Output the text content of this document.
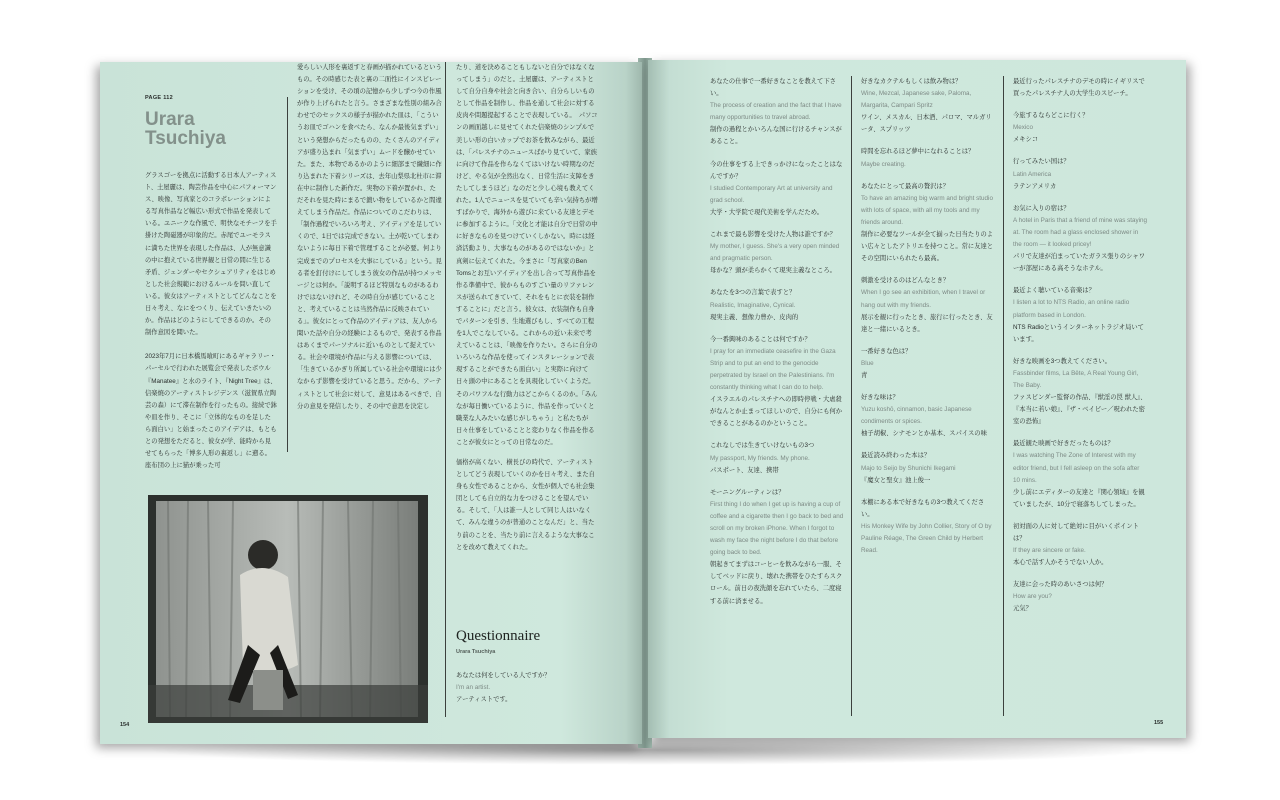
PAGE 112
Urara
Tsuchiya

グラスゴーを拠点に活動する日本人アーティスト、土屋麗は、陶芸作品を中心にパフォーマンス、映像、写真家とのコラボレーションによる写真作品など幅広い形式で作品を発表している。ユニークな作風で、明快なモチーフを手掛けた陶磁器が印象的だ。赤尾でユーモラスに満ちた世界を表現した作品は、人が無意識の中に抱えている世界観と日常の間に生じる矛盾、ジェンダーやセクシュアリティをはじめとした社会規範におけるルールを問い直している。彼女はアーティストとしてどんなことを日々考え、なにをつくり、伝えていきたいのか。作品はどのようにしてできるのか。その制作意図を聞いた。

2023年7月に日本橋馬喰町にあるギャラリー・パーセルで行われた展覧会で発表したボウル『Manatee』と水のライト、『Night Tree』は、信楽焼のアーティストレジデンス（滋賀県立陶芸の森）にて滞在制作を行ったもの。接続で鉢や皿を作り、そこに「立体的なものを足したら面白い」と始まったこのアイデアは、もともとの発想をただると、彼女が学、能時から見せてもらった「博多人形の裏返し」に遡る。座布団の上に猫が乗った可

愛らしい人形を裏返すと春画が描かれているというもの。その時感じた表と裏の二面性にインスピレーションを受け、その頃の記憶から少しずつ今の作風が作り上げられたと言う。さまざまな性別の組み合わせでのセックスの様子が描かれた皿は、「こういうお皿でゴハンを食べたら、なんか最後気まずい」という発想からだったものの、たくさんのアイディアが盛り込まれ「気まずい」ムードを醸かせていた。また、本物であるかのように細部まで繊細に作り込まれた下着シリーズは、去年山梨県北杜市に滞在中に制作した新作だ。実物の下着が置かれ、ただそれを見た時にまるで鍛い物をしているかと間違えてしまう作品だ。作品についてのこだわりは、「制作過程でいろいろ考え、アイディアを足していくので、1日では完成できない。土が乾いてしまわないように毎日下着で管理することが必要。何より完成までのプロセスを大事にしている」という。見る者を釘付けにしてしまう彼女の作品が持つメッセージとは何か。「説明するほど特別なものがあるわけではないけれど、その時自分が感じていることと、考えていることは当然作品に反映されている」。彼女にとって作品のアイディアは、友人から聞いた話や自分の経験によるもので、発表する作品はあくまでパーソナルに近いものとして捉えている。社会や環境が作品に与える影響については、「生きているかぎり所属している社会や環境には少なからず影響を受けていると思う。だから、アーティストとして社会に対して、意見はあるべきで、自分の意見を発信したり、その中で意思を決定し

たり、道を決めることもしないと自分ではなくなってしまう」のだと。土屋麗は、アーティストとして自分自身や社会と向き合い、自分らしいものとして作品を制作し、作品を通して社会に対する皮肉や問題提起することで表現している。　パソコンの画面越しに見せてくれた信楽焼のシンプルで美しい形の白いカップでお茶を飲みながら、最近は、「パレスチナのニュースばかり見ていて、家族に向けて作品を作らなくてはいけない時期なのだけど、やる気が全然出なく、日常生活に支障をきたしてしまうほど」なのだと少し心境も教えてくれた。1人でニュースを見ていても辛い気持ちが増すばかりで、海外から遊びに来ている友達とデモに参加するように。「文化と才能は自分で日常の中に好きなものを見つけていくしかない。時には経済活動より、大事なものがあるのではないか」と真剣に伝えてくれた。今まさに「写真家のBen Tomsとお互いアイディアを出し合って写真作品を作る準備中で、彼からものすごい量のリファレンスが送られてきていて、それをもとに衣装を制作することに」だと言う。彼女は、衣装制作も自身でパターンを引き、生地選びもし、すべての工程を1人でこなしている。これからの近い未来で考えていることは、「映像を作りたい。さらに自分のいろいろな作品を使ってインスタレーションで表現することができたら面白い」と実際に向けて日々頭の中にあることを具現化していくようだ。そのパワフルな行動力はどこからくるのか。「みんなが毎日働いているように、作品を作っていくと職業な人みたいな感じがしちゃう」と私たちが日々仕事をしていることと変わりなく作品を作ることが彼女にとっての日常なのだ。

価格が高くない、横長びの時代で、アーティストとしてどう表現していくのかを日々考え、また自身も女性であることから、女性が個人でも社会集団としても自立的な力をつけることを望んでいる。そして、「人は誰一人として同じ人はいなくて、みんな違うのが普通のことなんだ」と、当たり前のことを、当たり前に言えるような大事なことを改めて教えてくれた。

Questionnaire
Urara Tsuchiya

あなたは何をしている人ですか？
I'm an artist.
アーティストです。

154

あなたの仕事で一番好きなことを教えて下さい。
The process of creation and the fact that I have many opportunities to travel abroad.
制作の過程とかいろんな国に行けるチャンスがあること。

今の仕事をする上できっかけになったことはなんですか？
I studied Contemporary Art at university and grad school.
大学・大学院で現代美術を学んだため。

これまで最も影響を受けた人物は誰ですか？
My mother, I guess. She's a very open minded and pragmatic person.
母かな？頭が柔らかくて現実主義なところ。

あなたを3つの言葉で表すと？
Realistic, Imaginative, Cynical.
現実主義、想像力豊か、皮肉的

今一番興味のあることは何ですか？
I pray for an immediate ceasefire in the Gaza Strip and to put an end to the genocide perpetrated by Israel on the Palestinians. I'm constantly thinking what I can do to help.
イスラエルのパレスチナへの即時停戦・大虐殺がなんとか止まってほしいので、自分にも何かできることがあるのかということ。

これなしでは生きていけないもの3つ
My passport, My friends. My phone.
パスポート、友達、携帯

モーニングルーティンは？
First thing I do when I get up is having a cup of coffee and a cigarette then I go back to bed and scroll on my broken iPhone. When I forgot to wash my face the night before I do that before going back to bed.
朝起きてまずはコーヒーを飲みながら一服、そしてベッドに戻り、壊れた携帯をひたすらスクロール。前日の夜洗顔を忘れていたら、二度寝する前に済ませる。

好きなカクテルもしくは飲み物は？
Wine, Mezcal, Japanese sake, Paloma, Margarita, Campari Spritz
ワイン、メスカル、日本酒、パロマ、マルガリータ、スプリッツ

時間を忘れるほど夢中になれることは？
Maybe creating.

あなたにとって最高の贅沢は？
To have an amazing big warm and bright studio with lots of space, with all my tools and my friends around.
制作に必要なツールが全て揃った日当たりのよい広々としたアトリエを持つこと。常に友達とその空間にいられたら最高。

刺激を受けるのはどんなとき？
When I go see an exhibition, when I travel or hang out with my friends.
展示を観に行ったとき、旅行に行ったとき、友達と一緒にいるとき。

一番好きな色は？
Blue
青

好きな味は？
Yuzu koshō, cinnamon, basic Japanese condiments or spices.
柚子胡椒、シナモンとか基本、スパイスの味

最近読み終わった本は？
Majo to Seijo by Shunichi Ikegami
『魔女と聖女』池上俊一

本棚にある本で好きなもの3つ教えてください。
His Monkey Wife by John Collier, Story of O by Pauline Réage, The Green Child by Herbert Read.

最近行ったパレスチナのデモの時にイギリスで買ったパレスチナ人の大学生のスピーチ。

今旅するならどこに行く？
Mexico
メキシコ

行ってみたい国は？
Latin America
ラテンアメリカ

お気に入りの宿は？
A hotel in Paris that a friend of mine was staying at. The room had a glass enclosed shower in the room — it looked pricey!
パリで友達が泊まっていたガラス張りのシャワーが部屋にある高そうなホテル。

最近よく聴いている音楽は？
I listen a lot to NTS Radio, an online radio platform based in London.
NTS Radioというインターネットラジオ局いています。

好きな映画を3つ教えてください。
Fassbinder films, La Bête, A Real Young Girl, The Baby.
ファスビンダー監督の作品、『獣淫の罠 獣人』、『本当に若い娘』、『ザ・ベイビー／呪われた密室の恐怖』

最近観た映画で好きだったものは？
I was watching The Zone of Interest with my editor friend, but I fell asleep on the sofa after 10 mins.
少し前にエディターの友達と『関心領域』を観ていましたが、10分で寝落ちしてしまった。

初対面の人に対して絶対に目がいくポイントは？
If they are sincere or fake.
本心で話す人かそうでない人か。

友達に会った時のあいさつは何？
How are you?
元気？

155
